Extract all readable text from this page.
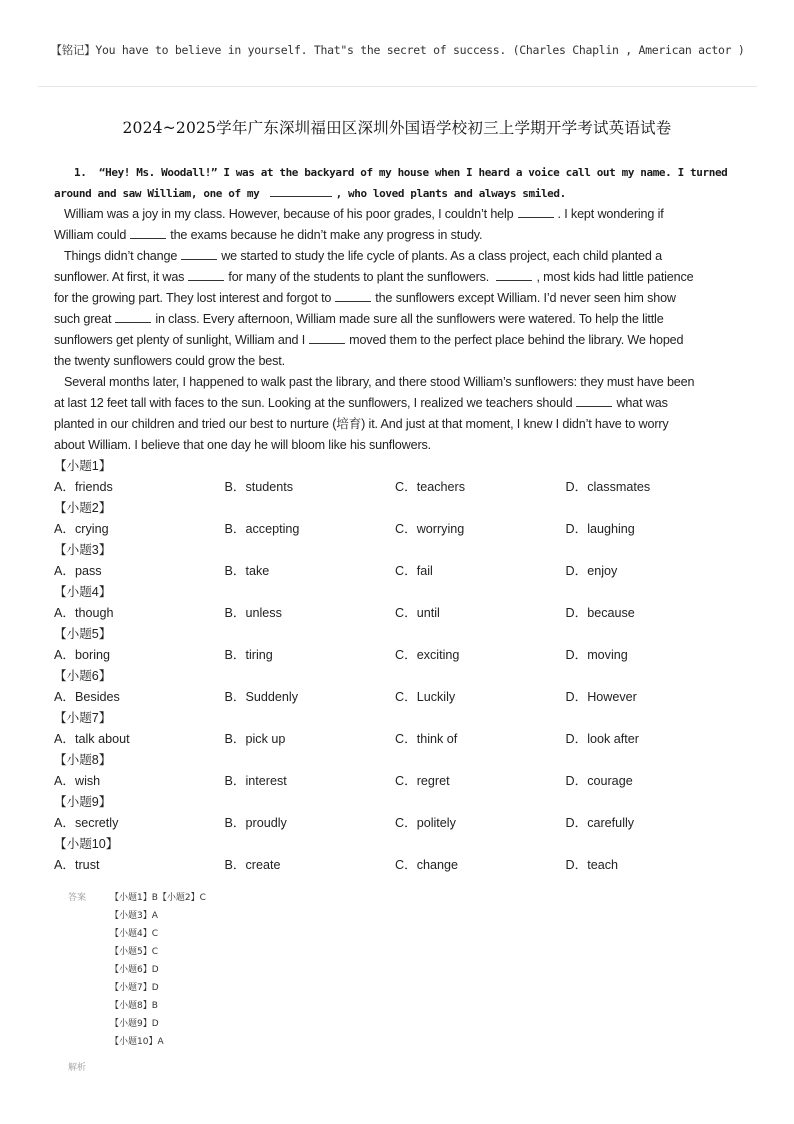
【铭记】You have to believe in yourself. That"s the secret of success. (Charles Chaplin , American actor )
2024~2025学年广东深圳福田区深圳外国语学校初三上学期开学考试英语试卷

1. “Hey! Ms. Woodall!” I was at the backyard of my house when I heard a voice call out my name. I turned
around and saw William, one of my	, who loved plants and always smiled.

William was a joy in my class. However, because of his poor grades, I couldn’t help	. I kept wondering if
William could	the exams because he didn’t make any progress in study.

Things didn’t change	we started to study the life cycle of plants. As a class project, each child planted a
sunflower. At first, it was	for many of the students to plant the sunflowers.	, most kids had little patience
for the growing part. They lost interest and forgot to	the sunflowers except William. I’d never seen him show
such great	in class. Every afternoon, William made sure all the sunflowers were watered. To help the little
sunflowers get plenty of sunlight, William and I	moved them to the perfect place behind the library. We hoped
the twenty sunflowers could grow the best.

Several months later, I happened to walk past the library, and there stood William’s sunflowers: they must have been
at last 12 feet tall with faces to the sun. Looking at the sunflowers, I realized we teachers should	what was
planted in our children and tried our best to nurture (培育) it. And just at that moment, I knew I didn’t have to worry
about William. I believe that one day he will bloom like his sunflowers.

【小题1】
A．friends	B．students	C．teachers	D．classmates
【小题2】
A．crying	B．accepting	C．worrying	D．laughing
【小题3】
A．pass	B．take	C．fail	D．enjoy
【小题4】
A．though	B．unless	C．until	D．because
【小题5】
A．boring	B．tiring	C．exciting	D．moving
【小题6】
A．Besides	B．Suddenly	C．Luckily	D．However
【小题7】
A．talk about	B．pick up	C．think of	D．look after
【小题8】
A．wish	B．interest	C．regret	D．courage
【小题9】
A．secretly	B．proudly	C．politely	D．carefully
【小题10】
A．trust	B．create	C．change	D．teach
答案	【小题1】B【小题2】C
【小题3】A
【小题4】C
【小题5】C
【小题6】D
【小题7】D
【小题8】B
【小题9】D
【小题10】A
解析
